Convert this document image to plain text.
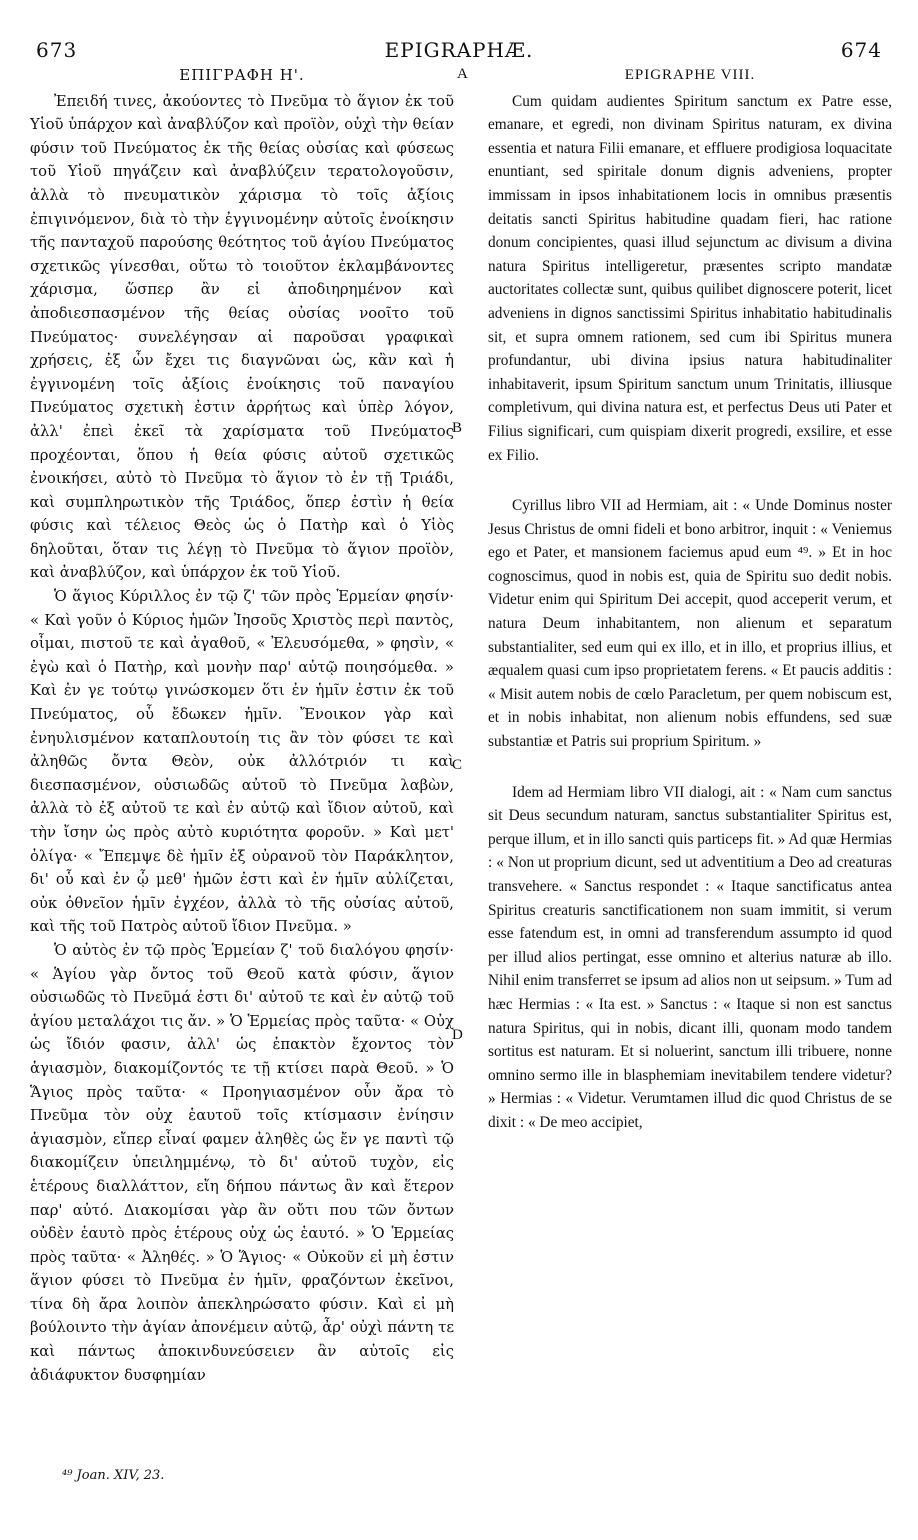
673	EPIGRAPHÆ.	674
ΕΠΙΓΡΑΦΗ Η'.

Ἐπειδή τινες, ἀκούοντες τὸ Πνεῦμα τὸ ἅγιον ἐκ τοῦ Υἱοῦ ὑπάρχον καὶ ἀναβλύζον καὶ προϊὸν, οὐχὶ τὴν θείαν φύσιν τοῦ Πνεύματος ἐκ τῆς θείας οὐσίας καὶ φύσεως τοῦ Υἱοῦ πηγάζειν καὶ ἀναβλύζειν τερατολογοῦσιν, ἀλλὰ τὸ πνευματικὸν χάρισμα τὸ τοῖς ἀξίοις ἐπιγινόμενον, διὰ τὸ τὴν ἐγγινομένην αὐτοῖς ἐνοίκησιν τῆς πανταχοῦ παρούσης θεότητος τοῦ ἁγίου Πνεύματος σχετικῶς γίνεσθαι, οὕτω τὸ τοιοῦτον ἐκλαμβάνοντες χάρισμα, ὥσπερ ἂν εἰ ἀποδιηρημένον καὶ ἀποδιεσπασμένον τῆς θείας οὐσίας νοοῖτο τοῦ Πνεύματος· συνελέγησαν αἱ παροῦσαι γραφικαὶ χρήσεις, ἐξ ὧν ἔχει τις διαγνῶναι ὡς, κἂν καὶ ἡ ἐγγινομένη τοῖς ἀξίοις ἐνοίκησις τοῦ παναγίου Πνεύματος σχετικὴ ἐστιν ἀρρήτως καὶ ὑπὲρ λόγον, ἀλλ' ἐπεὶ ἐκεῖ τὰ χαρίσματα τοῦ Πνεύματος προχέονται, ὅπου ἡ θεία φύσις αὐτοῦ σχετικῶς ἐνοικήσει, αὐτὸ τὸ Πνεῦμα τὸ ἅγιον τὸ ἐν τῇ Τριάδι, καὶ συμπληρωτικὸν τῆς Τριάδος, ὅπερ ἐστὶν ἡ θεία φύσις καὶ τέλειος Θεὸς ὡς ὁ Πατὴρ καὶ ὁ Υἱὸς δηλοῦται, ὅταν τις λέγῃ τὸ Πνεῦμα τὸ ἅγιον προϊὸν, καὶ ἀναβλύζον, καὶ ὑπάρχον ἐκ τοῦ Υἱοῦ.

Ὁ ἅγιος Κύριλλος ἐν τῷ ζ' τῶν πρὸς Ἑρμείαν φησίν· « Καὶ γοῦν ὁ Κύριος ἡμῶν Ἰησοῦς Χριστὸς περὶ παντὸς, οἶμαι, πιστοῦ τε καὶ ἀγαθοῦ, « Ἐλευσόμεθα, » φησὶν, « ἐγὼ καὶ ὁ Πατὴρ, καὶ μονὴν παρ' αὐτῷ ποιησόμεθα. » Καὶ ἐν γε τούτῳ γινώσκομεν ὅτι ἐν ἡμῖν ἐστιν ἐκ τοῦ Πνεύματος, οὗ ἔδωκεν ἡμῖν. Ἔνοικον γὰρ καὶ ἐνηυλισμένον καταπλουτοίη τις ἂν τὸν φύσει τε καὶ ἀληθῶς ὄντα Θεὸν, οὐκ ἀλλότριόν τι καὶ διεσπασμένον, οὐσιωδῶς αὐτοῦ τὸ Πνεῦμα λαβὼν, ἀλλὰ τὸ ἐξ αὐτοῦ τε καὶ ἐν αὐτῷ καὶ ἴδιον αὐτοῦ, καὶ τὴν ἴσην ὡς πρὸς αὐτὸ κυριότητα φοροῦν. » Καὶ μετ' ὀλίγα· « Ἔπεμψε δὲ ἡμῖν ἐξ οὐρανοῦ τὸν Παράκλητον, δι' οὗ καὶ ἐν ᾧ μεθ' ἡμῶν ἐστι καὶ ἐν ἡμῖν αὐλίζεται, οὐκ ὀθνεῖον ἡμῖν ἐγχέον, ἀλλὰ τὸ τῆς οὐσίας αὐτοῦ, καὶ τῆς τοῦ Πατρὸς αὐτοῦ ἴδιον Πνεῦμα. »

Ὁ αὐτὸς ἐν τῷ πρὸς Ἑρμείαν ζ' τοῦ διαλόγου φησίν· « Ἁγίου γὰρ ὄντος τοῦ Θεοῦ κατὰ φύσιν, ἅγιον οὐσιωδῶς τὸ Πνεῦμά ἐστι δι' αὐτοῦ τε καὶ ἐν αὐτῷ τοῦ ἁγίου μεταλάχοι τις ἄν. » Ὁ Ἑρμείας πρὸς ταῦτα· « Οὐχ ὡς ἴδιόν φασιν, ἀλλ' ὡς ἐπακτὸν ἔχοντος τὸν ἁγιασμὸν, διακομίζοντός τε τῇ κτίσει παρὰ Θεοῦ. » Ὁ Ἅγιος πρὸς ταῦτα· « Προηγιασμένον οὖν ἄρα τὸ Πνεῦμα τὸν οὐχ ἑαυτοῦ τοῖς κτίσμασιν ἐνίησιν ἁγιασμὸν, εἴπερ εἶναί φαμεν ἀληθὲς ὡς ἔν γε παντὶ τῷ διακομίζειν ὑπειλημμένῳ, τὸ δι' αὐτοῦ τυχὸν, εἰς ἑτέρους διαλλάττον, εἴη δήπου πάντως ἂν καὶ ἕτερον παρ' αὐτό. Διακομίσαι γὰρ ἂν οὔτι που τῶν ὄντων οὐδὲν ἑαυτὸ πρὸς ἑτέρους οὐχ ὡς ἑαυτό. » Ὁ Ἑρμείας πρὸς ταῦτα· « Ἀληθές. » Ὁ Ἅγιος· « Οὐκοῦν εἰ μὴ ἐστιν ἅγιον φύσει τὸ Πνεῦμα ἐν ἡμῖν, φραζόντων ἐκεῖνοι, τίνα δὴ ἄρα λοιπὸν ἀπεκληρώσατο φύσιν. Καὶ εἰ μὴ βούλοιντο τὴν ἁγίαν ἀπονέμειν αὐτῷ, ἆρ' οὐχὶ πάντη τε καὶ πάντως ἀποκινδυνεύσειεν ἂν αὐτοῖς εἰς ἀδιάφυκτον δυσφημίαν

EPIGRAPHE VIII.

Cum quidam audientes Spiritum sanctum ex Patre esse, emanare, et egredi, non divinam Spiritus naturam, ex divina essentia et natura Filii emanare, et effluere prodigiosa loquacitate enuntiant, sed spiritale donum dignis adveniens, propter immissam in ipsos inhabitationem locis in omnibus præsentis deitatis sancti Spiritus habitudine quadam fieri, hac ratione donum concipientes, quasi illud sejunctum ac divisum a divina natura Spiritus intelligeretur, præsentes scripto mandatæ auctoritates collectæ sunt, quibus quilibet dignoscere poterit, licet adveniens in dignos sanctissimi Spiritus inhabitatio habitudinalis sit, et supra omnem rationem, sed cum ibi Spiritus munera profundantur, ubi divina ipsius natura habitudinaliter inhabitaverit, ipsum Spiritum sanctum unum Trinitatis, illiusque completivum, qui divina natura est, et perfectus Deus uti Pater et Filius significari, cum quispiam dixerit progredi, exsilire, et esse ex Filio.

Cyrillus libro VII ad Hermiam, ait : « Unde Dominus noster Jesus Christus de omni fideli et bono arbitror, inquit : « Veniemus ego et Pater, et mansionem faciemus apud eum ⁴⁹. » Et in hoc cognoscimus, quod in nobis est, quia de Spiritu suo dedit nobis. Videtur enim qui Spiritum Dei accepit, quod acceperit verum, et natura Deum inhabitantem, non alienum et separatum substantialiter, sed eum qui ex illo, et in illo, et proprius illius, et æqualem quasi cum ipso proprietatem ferens. « Et paucis additis : « Misit autem nobis de cœlo Paracletum, per quem nobiscum est, et in nobis inhabitat, non alienum nobis effundens, sed suæ substantiæ et Patris sui proprium Spiritum. »

Idem ad Hermiam libro VII dialogi, ait : « Nam cum sanctus sit Deus secundum naturam, sanctus substantialiter Spiritus est, perque illum, et in illo sancti quis particeps fit. » Ad quæ Hermias : « Non ut proprium dicunt, sed ut adventitium a Deo ad creaturas transvehere. « Sanctus respondet : « Itaque sanctificatus antea Spiritus creaturis sanctificationem non suam immitit, si verum esse fatendum est, in omni ad transferendum assumpto id quod per illud alios pertingat, esse omnino et alterius naturæ ab illo. Nihil enim transferret se ipsum ad alios non ut seipsum. » Tum ad hæc Hermias : « Ita est. » Sanctus : « Itaque si non est sanctus natura Spiritus, qui in nobis, dicant illi, quonam modo tandem sortitus est naturam. Et si noluerint, sanctum illi tribuere, nonne omnino sermo ille in blasphemiam inevitabilem tendere videtur? » Hermias : « Videtur. Verumtamen illud dic quod Christus de se dixit : « De meo accipiet,

A
B
C
D
⁴⁹ Joan. XIV, 23.
